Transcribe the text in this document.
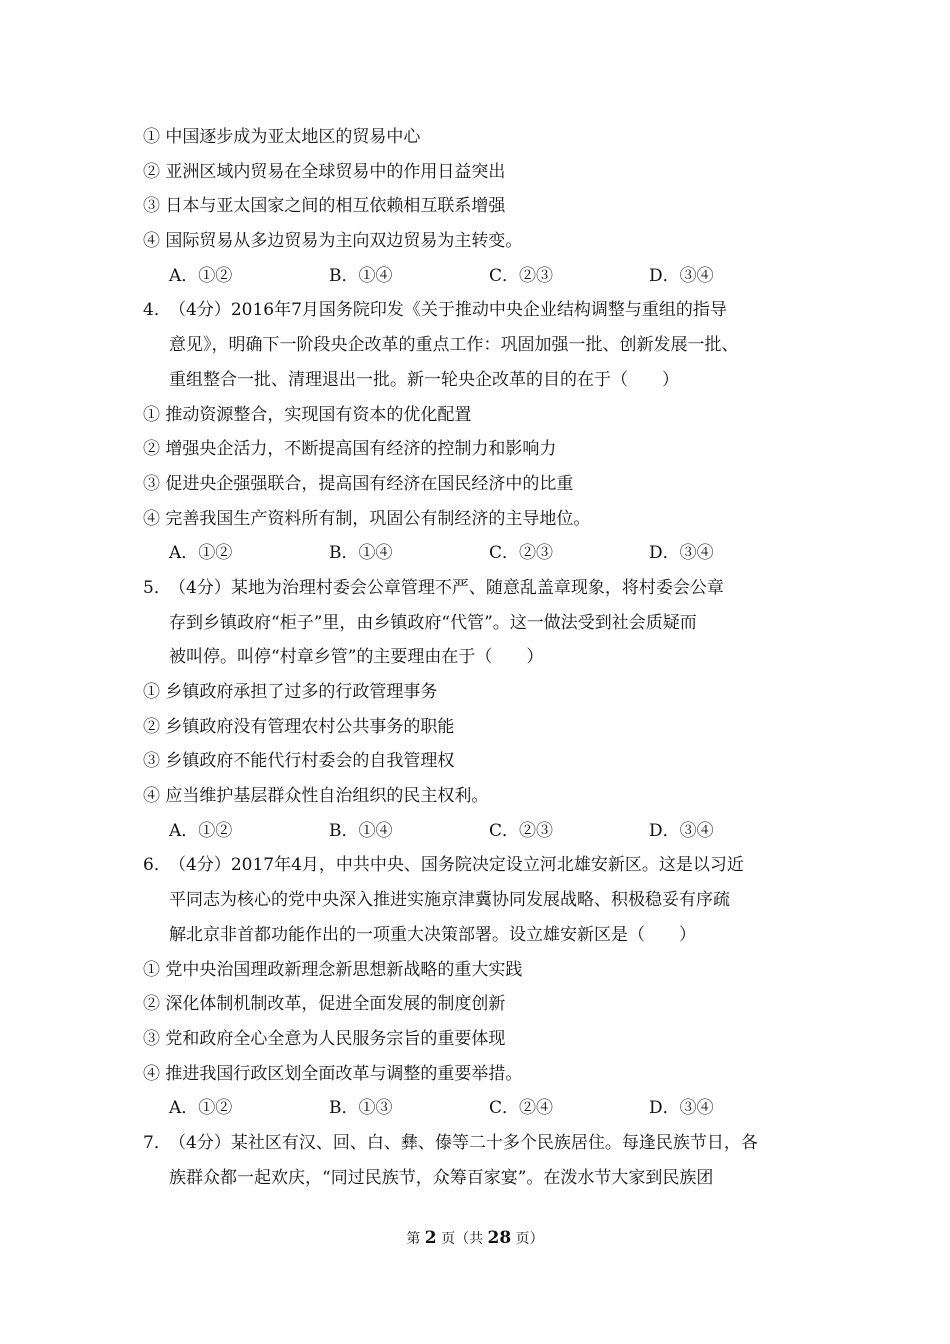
① 中国逐步成为亚太地区的贸易中心
② 亚洲区域内贸易在全球贸易中的作用日益突出
③ 日本与亚太国家之间的相互依赖相互联系增强
④ 国际贸易从多边贸易为主向双边贸易为主转变。
A．①②	B．①④	C．②③	D．③④
4．（4分）2016年7月国务院印发《关于推动中央企业结构调整与重组的指导
意见》，明确下一阶段央企改革的重点工作：巩固加强一批、创新发展一批、
重组整合一批、清理退出一批。新一轮央企改革的目的在于（　　）
① 推动资源整合，实现国有资本的优化配置
② 增强央企活力，不断提高国有经济的控制力和影响力
③ 促进央企强强联合，提高国有经济在国民经济中的比重
④ 完善我国生产资料所有制，巩固公有制经济的主导地位。
A．①②	B．①④	C．②③	D．③④
5．（4分）某地为治理村委会公章管理不严、随意乱盖章现象，将村委会公章
存到乡镇政府“柜子”里，由乡镇政府“代管”。这一做法受到社会质疑而
被叫停。叫停“村章乡管”的主要理由在于（　　）
① 乡镇政府承担了过多的行政管理事务
② 乡镇政府没有管理农村公共事务的职能
③ 乡镇政府不能代行村委会的自我管理权
④ 应当维护基层群众性自治组织的民主权利。
A．①②	B．①④	C．②③	D．③④
6．（4分）2017年4月，中共中央、国务院决定设立河北雄安新区。这是以习近
平同志为核心的党中央深入推进实施京津冀协同发展战略、积极稳妥有序疏
解北京非首都功能作出的一项重大决策部署。设立雄安新区是（　　）
① 党中央治国理政新理念新思想新战略的重大实践
② 深化体制机制改革，促进全面发展的制度创新
③ 党和政府全心全意为人民服务宗旨的重要体现
④ 推进我国行政区划全面改革与调整的重要举措。
A．①②	B．①③	C．②④	D．③④
7．（4分）某社区有汉、回、白、彝、傣等二十多个民族居住。每逢民族节日，各
族群众都一起欢庆，“同过民族节，众筹百家宴”。在泼水节大家到民族团
第 2 页（共 28 页）
